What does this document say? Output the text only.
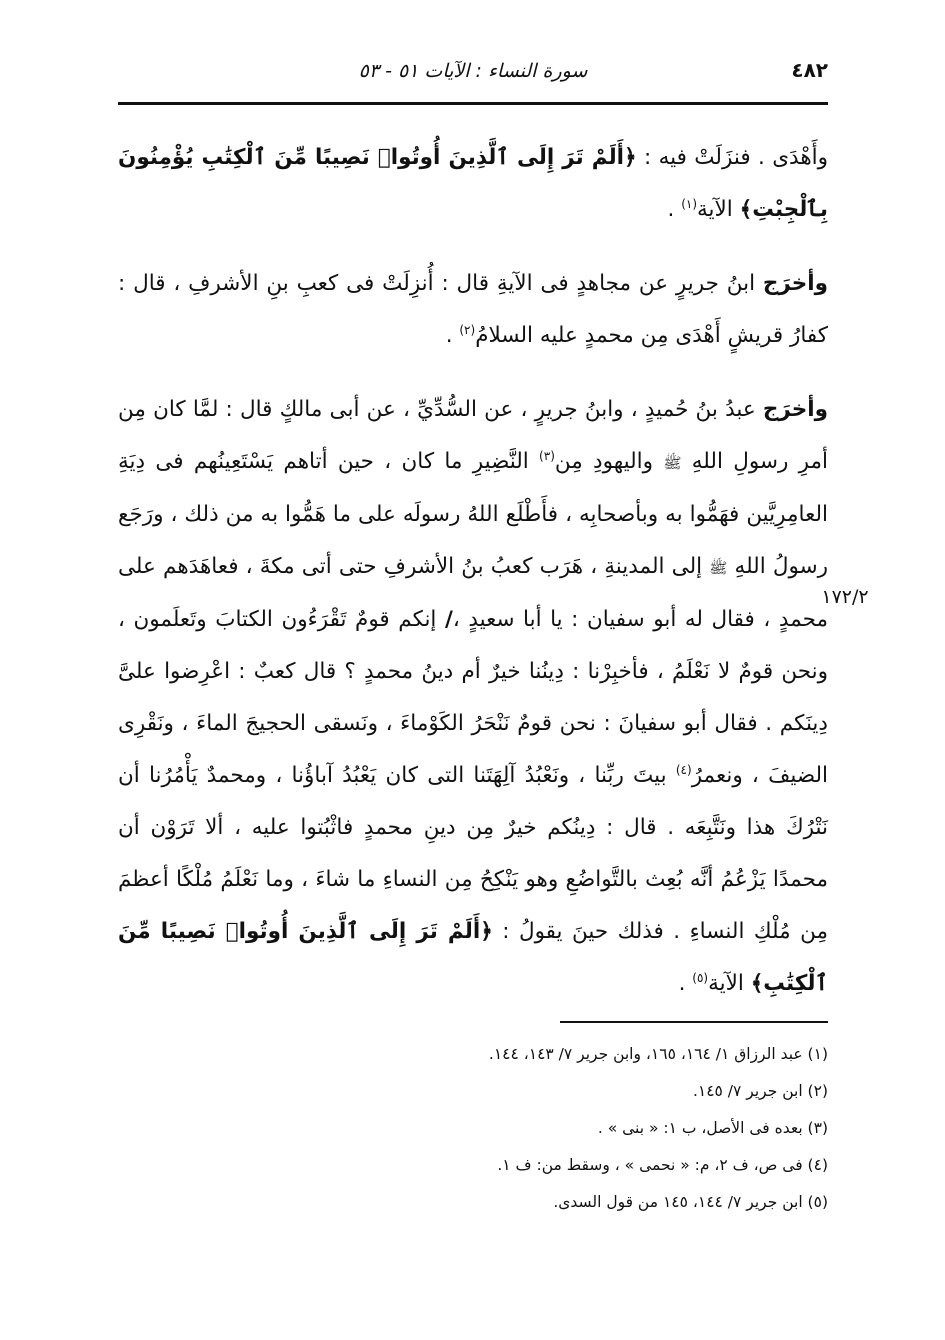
٤٨٢
سورة النساء : الآيات ٥١ - ٥٣
١٧٢/٢

وأَهْدَى . فنزَلَتْ فيه : ﴿أَلَمْ تَرَ إِلَى ٱلَّذِينَ أُوتُوا۟ نَصِيبًا مِّنَ ٱلْكِتَٰبِ يُؤْمِنُونَ بِٱلْجِبْتِ﴾ الآية$^{(١)}$ .

وأخرَج ابنُ جريرٍ عن مجاهدٍ فى الآيةِ قال : أُنزِلَتْ فى كعبِ بنِ الأشرفِ ، قال : كفارُ قريشٍ أَهْدَى مِن محمدٍ عليه السلامُ$^{(٢)}$ .

وأخرَج عبدُ بنُ حُميدٍ ، وابنُ جريرٍ ، عن السُّدِّيِّ ، عن أبى مالكٍ قال : لمَّا كان مِن أمرِ رسولِ اللهِ ﷺ واليهودِ مِن$^{(٣)}$ النَّضِيرِ ما كان ، حين أتاهم يَسْتَعِينُهم فى دِيَةِ العامِرِيَّين فهَمُّوا به وبأصحابِه ، فأَطْلَع اللهُ رسولَه على ما هَمُّوا به من ذلك ، ورَجَع رسولُ اللهِ ﷺ إلى المدينةِ ، هَرَب كعبُ بنُ الأشرفِ حتى أتى مكةَ ، فعاهَدَهم على محمدٍ ، فقال له أبو سفيان : يا أبا سعيدٍ ،/ إنكم قومٌ تَقْرَءُون الكتابَ وتَعلَمون ، ونحن قومٌ لا نَعْلَمُ ، فأخبِرْنا : دِينُنا خيرٌ أم دينُ محمدٍ ؟ قال كعبٌ : اعْرِضوا علىَّ دِينَكم . فقال أبو سفيانَ : نحن قومٌ نَنْحَرُ الكَوْماءَ ، ونَسقى الحجيجَ الماءَ ، ونَقْرِى الضيفَ ، ونعمرُ$^{(٤)}$ بيتَ ربِّنا ، ونَعْبُدُ آلِهَتَنا التى كان يَعْبُدُ آباؤُنا ، ومحمدٌ يَأْمُرُنا أن نَتْرُكَ هذا ونَتَّبِعَه . قال : دِينُكم خيرٌ مِن دينِ محمدٍ فاثْبُتوا عليه ، ألا تَرَوْن أن محمدًا يَزْعُمُ أنَّه بُعِث بالتَّواضُعِ وهو يَنْكِحُ مِن النساءِ ما شاءَ ، وما نَعْلَمُ مُلْكًا أعظمَ مِن مُلْكِ النساءِ . فذلك حينَ يقولُ : ﴿أَلَمْ تَرَ إِلَى ٱلَّذِينَ أُوتُوا۟ نَصِيبًا مِّنَ ٱلْكِتَٰبِ﴾ الآية$^{(٥)}$ .

(١) عبد الرزاق ١/ ١٦٤، ١٦٥، وابن جرير ٧/ ١٤٣، ١٤٤.

(٢) ابن جرير ٧/ ١٤٥.

(٣) بعده فى الأصل، ب ١: « بنى » .

(٤) فى ص، ف ٢، م: « نحمى » ، وسقط من: ف ١.

(٥) ابن جرير ٧/ ١٤٤، ١٤٥ من قول السدى.
